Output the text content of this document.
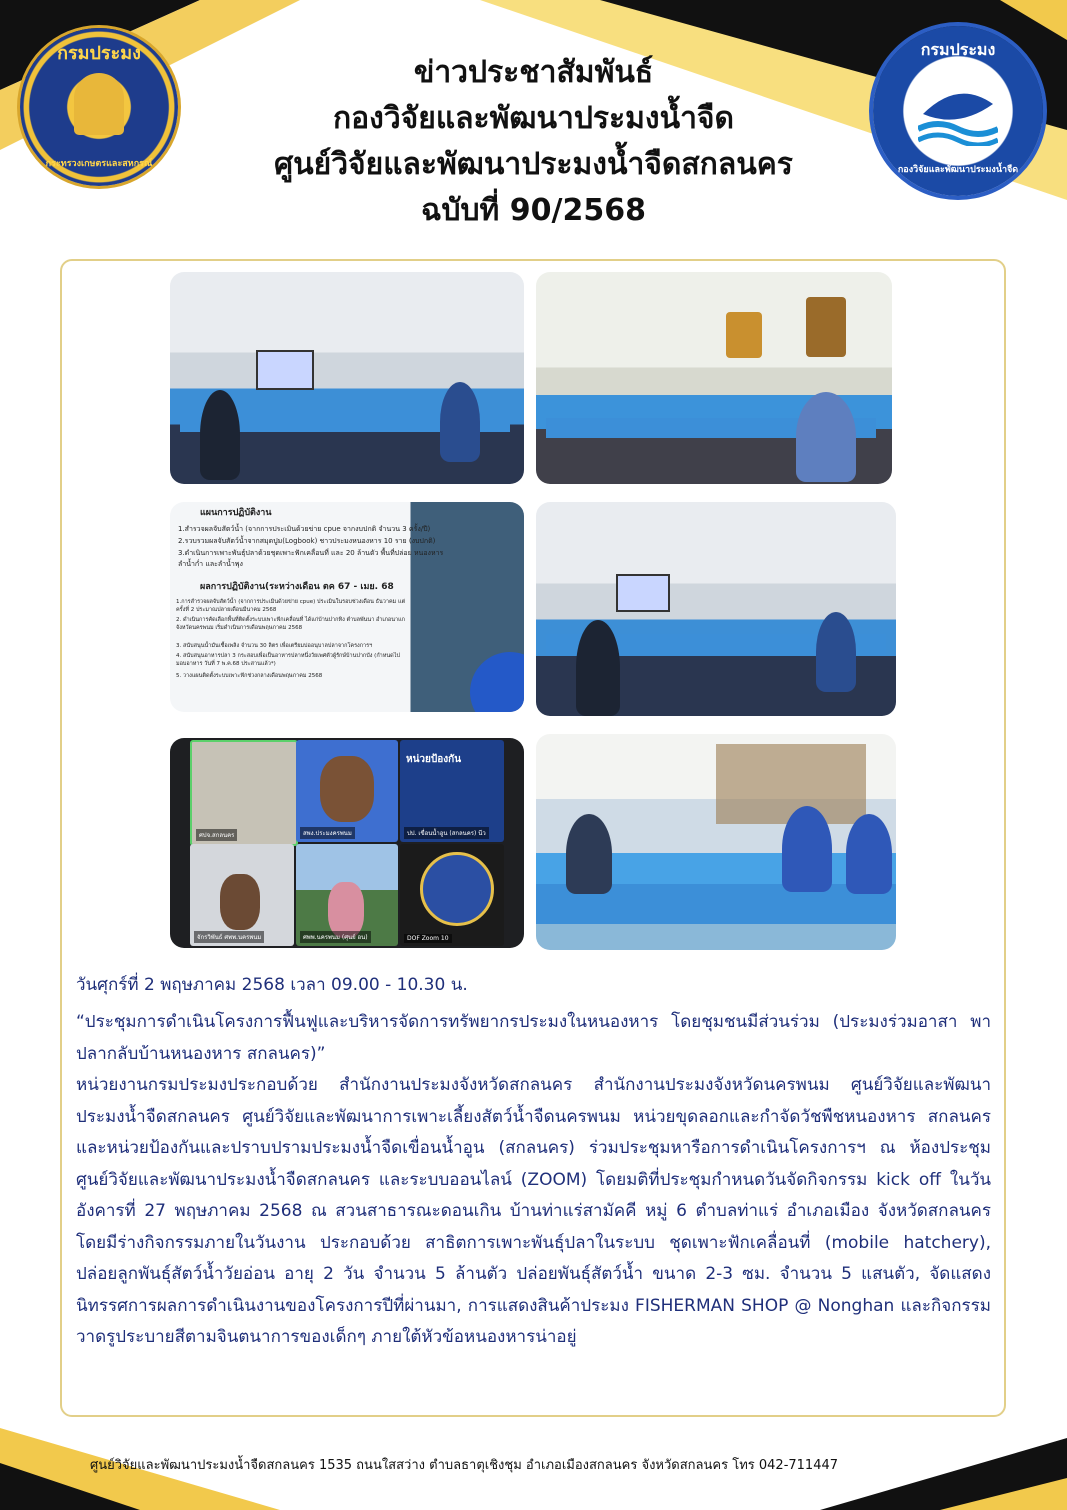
กรมประมง
กระทรวงเกษตรและสหกรณ์
กรมประมง
กองวิจัยและพัฒนาประมงน้ำจืด
ข่าวประชาสัมพันธ์
กองวิจัยและพัฒนาประมงน้ำจืด
ศูนย์วิจัยและพัฒนาประมงน้ำจืดสกลนคร
ฉบับที่ 90/2568
แผนการปฏิบัติงาน
1.สำรวจผลจับสัตว์น้ำ (จากการประเมินด้วยข่าย cpue จากงบปกติ จำนวน 3 ครั้ง/ปี)
2.รวบรวมผลจับสัตว์น้ำจากสมุดปูม(Logbook) ชาวประมงหนองหาร 10 ราย (งบปกติ)
3.ดำเนินการเพาะพันธุ์ปลาด้วยชุดเพาะฟักเคลื่อนที่ และ 20 ล้านตัว พื้นที่ปล่อย หนองหาร ลำน้ำก่ำ และลำน้ำพุง
ผลการปฏิบัติงาน(ระหว่างเดือน ตค 67 - เมย. 68
1.การสำรวจผลจับสัตว์น้ำ (จากการประเมินด้วยข่าย cpue) ประเมินในรอบช่วงเดือน ธันวาคม แต่ครั้งที่ 2 ประมาณปลายเดือนมีนาคม 2568
2. ดำเนินการคัดเลือกพื้นที่ติดตั้งระบบเพาะฟักเคลื่อนที่ ได้แก่บ้านปากทิง ตำบลพันนา อำเภอนาแก จังหวัดนครพนม เริ่มดำเนินการเดือนพฤษภาคม 2568
3. สนับสนุนน้ำมันเชื้อเพลิง จำนวน 30 ลิตร เพื่อเตรียมบ่ออนุบาลปลาจากโครงการฯ
4. สนับสนุนอาหารปลา 3 กระสอบเพื่อเป็นอาหารปลาหนึ่งวัยเพศตัวผู้รักษ์บ้านปากบัง (กำหนดไปมอบอาหาร วันที่ 7 พ.ค.68 ประสานแล้ว*)
5. วางแผนติดตั้งระบบเพาะฟักช่วงกลางเดือนพฤษภาคม 2568
ศปจ.สกลนคร	สพง.ประมงครพนม
หน่วยป้องกัน
ปป. เขื่อนน้ำอูน (สกลนคร) นีว
จักรวิพันธ์ ศพพ.นครพนม	ศพพ.นครพนม (ศุนย์ อน)	DOF Zoom 10
วันศุกร์ที่ 2 พฤษภาคม 2568 เวลา 09.00 - 10.30 น.
“ประชุมการดำเนินโครงการฟื้นฟูและบริหารจัดการทรัพยากรประมงในหนองหาร โดยชุมชนมีส่วนร่วม (ประมงร่วมอาสา พาปลากลับบ้านหนองหาร สกลนคร)”
หน่วยงานกรมประมงประกอบด้วย สำนักงานประมงจังหวัดสกลนคร สำนักงานประมงจังหวัดนครพนม ศูนย์วิจัยและพัฒนาประมงน้ำจืดสกลนคร ศูนย์วิจัยและพัฒนาการเพาะเลี้ยงสัตว์น้ำจืดนครพนม หน่วยขุดลอกและกำจัดวัชพืชหนองหาร สกลนคร และหน่วยป้องกันและปราบปรามประมงน้ำจืดเขื่อนน้ำอูน (สกลนคร) ร่วมประชุมหารือการดำเนินโครงการฯ ณ ห้องประชุมศูนย์วิจัยและพัฒนาประมงน้ำจืดสกลนคร และระบบออนไลน์ (ZOOM) โดยมติที่ประชุมกำหนดวันจัดกิจกรรม kick off ในวันอังคารที่ 27 พฤษภาคม 2568 ณ สวนสาธารณะดอนเกิน บ้านท่าแร่สามัคคี หมู่ 6 ตำบลท่าแร่ อำเภอเมือง จังหวัดสกลนคร โดยมีร่างกิจกรรมภายในวันงาน ประกอบด้วย สาธิตการเพาะพันธุ์ปลาในระบบ ชุดเพาะฟักเคลื่อนที่ (mobile hatchery), ปล่อยลูกพันธุ์สัตว์น้ำวัยอ่อน อายุ 2 วัน จำนวน 5 ล้านตัว ปล่อยพันธุ์สัตว์น้ำ ขนาด 2-3 ซม. จำนวน 5 แสนตัว, จัดแสดงนิทรรศการผลการดำเนินงานของโครงการปีที่ผ่านมา, การแสดงสินค้าประมง FISHERMAN SHOP @ Nonghan และกิจกรรมวาดรูประบายสีตามจินตนาการของเด็กๆ ภายใต้หัวข้อหนองหารน่าอยู่
ศูนย์วิจัยและพัฒนาประมงน้ำจืดสกลนคร 1535 ถนนใสสว่าง ตำบลธาตุเชิงชุม อำเภอเมืองสกลนคร จังหวัดสกลนคร โทร 042-711447
